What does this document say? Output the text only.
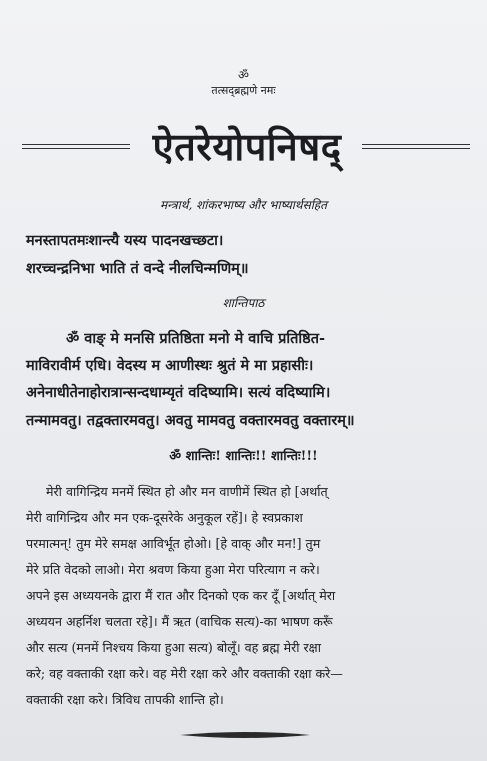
ॐ
तत्सद्ब्रह्मणे नमः
ऐतरेयोपनिषद्
मन्त्रार्थ, शांकरभाष्य और भाष्यार्थसहित
मनस्तापतमःशान्त्यै यस्य पादनखच्छटा।
शरच्चन्द्रनिभा भाति तं वन्दे नीलचिन्मणिम्॥
शान्तिपाठ
ॐ वाङ् मे मनसि प्रतिष्ठिता मनो मे वाचि प्रतिष्ठित-
माविरावीर्म एधि। वेदस्य म आणीस्थः श्रुतं मे मा प्रहासीः।
अनेनाधीतेनाहोरात्रान्सन्दधाम्यृतं वदिष्यामि। सत्यं वदिष्यामि।
तन्मामवतु। तद्वक्तारमवतु। अवतु मामवतु वक्तारमवतु वक्तारम्॥
ॐ शान्तिः! शान्तिः!! शान्तिः!!!
मेरी वागिन्द्रिय मनमें स्थित हो और मन वाणीमें स्थित हो [अर्थात्
मेरी वागिन्द्रिय और मन एक-दूसरेके अनुकूल रहें]। हे स्वप्रकाश
परमात्मन्! तुम मेरे समक्ष आविर्भूत होओ। [हे वाक् और मन!] तुम
मेरे प्रति वेदको लाओ। मेरा श्रवण किया हुआ मेरा परित्याग न करे।
अपने इस अध्ययनके द्वारा मैं रात और दिनको एक कर दूँ [अर्थात् मेरा
अध्ययन अहर्निश चलता रहे]। मैं ऋत (वाचिक सत्य)-का भाषण करूँ
और सत्य (मनमें निश्चय किया हुआ सत्य) बोलूँ। वह ब्रह्म मेरी रक्षा
करे; वह वक्ताकी रक्षा करे। वह मेरी रक्षा करे और वक्ताकी रक्षा करे—
वक्ताकी रक्षा करे। त्रिविध तापकी शान्ति हो।
